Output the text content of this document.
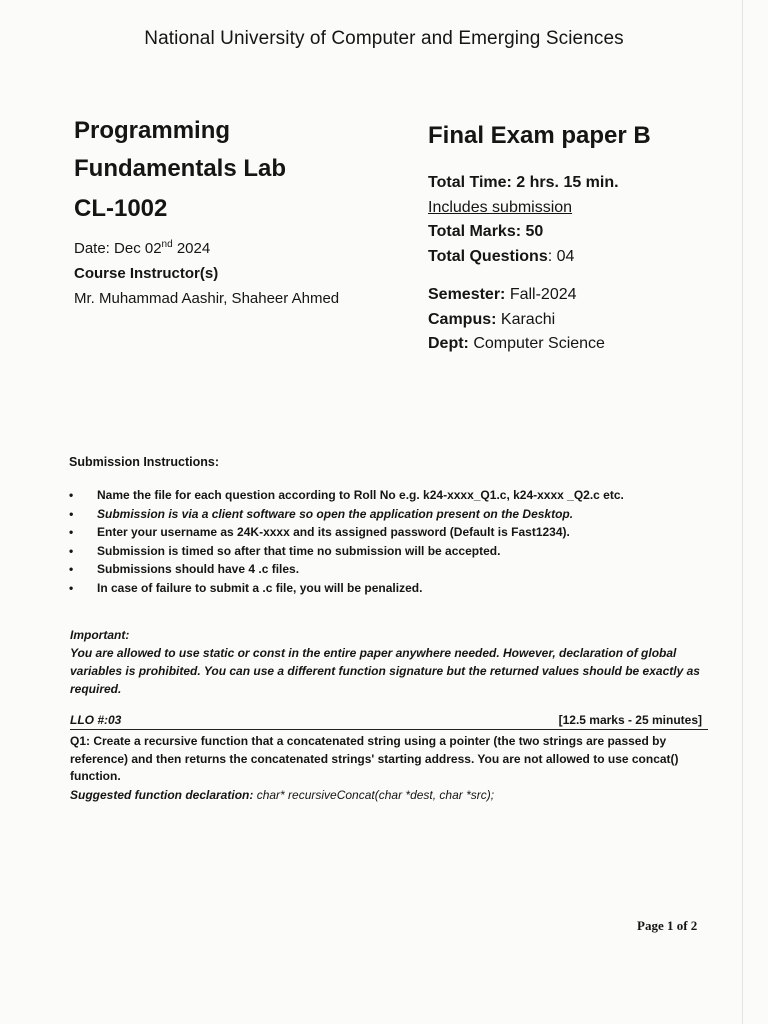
National University of Computer and Emerging Sciences
Programming
Fundamentals Lab
CL-1002
Date: Dec 02nd 2024
Course Instructor(s)
Mr. Muhammad Aashir, Shaheer Ahmed
Final Exam paper B
Total Time: 2 hrs. 15 min.
Includes submission
Total Marks: 50
Total Questions: 04
Semester: Fall-2024
Campus: Karachi
Dept: Computer Science
Submission Instructions:
• Name the file for each question according to Roll No e.g. k24-xxxx_Q1.c, k24-xxxx _Q2.c etc.
• Submission is via a client software so open the application present on the Desktop.
• Enter your username as 24K-xxxx and its assigned password (Default is Fast1234).
• Submission is timed so after that time no submission will be accepted.
• Submissions should have 4 .c files.
• In case of failure to submit a .c file, you will be penalized.
Important:
You are allowed to use static or const in the entire paper anywhere needed. However, declaration of global variables is prohibited. You can use a different function signature but the returned values should be exactly as required.
LLO #:03	[12.5 marks - 25 minutes]
Q1: Create a recursive function that a concatenated string using a pointer (the two strings are passed by reference) and then returns the concatenated strings' starting address. You are not allowed to use concat() function.
Suggested function declaration: char* recursiveConcat(char *dest, char *src);
Page 1 of 2
